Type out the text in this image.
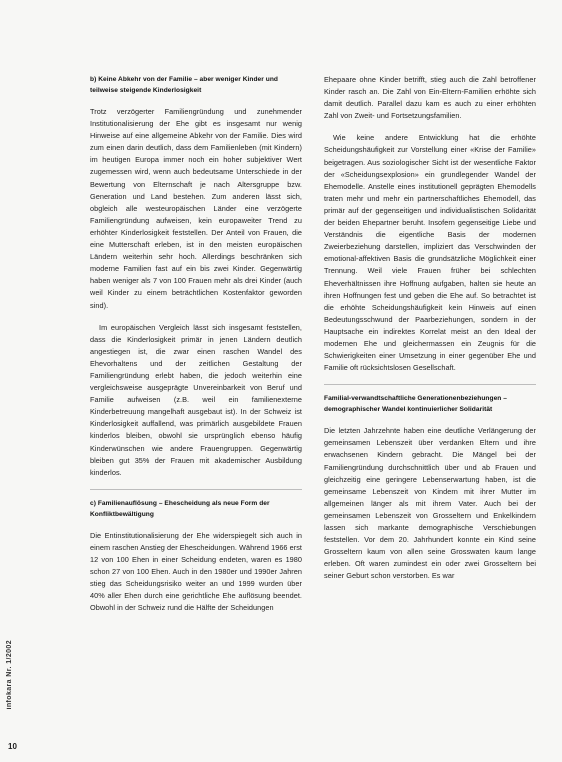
b) Keine Abkehr von der Familie – aber weniger Kinder und teilweise steigende Kinderlosigkeit

Trotz verzögerter Familiengründung und zunehmender Institutionalisierung der Ehe gibt es insgesamt nur wenig Hinweise auf eine allgemeine Abkehr von der Familie. Dies wird zum einen darin deutlich, dass dem Familienleben (mit Kindern) im heutigen Europa immer noch ein hoher subjektiver Wert zugemessen wird, wenn auch bedeutsame Unterschiede in der Bewertung von Elternschaft je nach Altersgruppe bzw. Generation und Land bestehen. Zum anderen lässt sich, obgleich alle westeuropäischen Länder eine verzögerte Familiengründung aufweisen, kein europaweiter Trend zu erhöhter Kinderlosigkeit feststellen. Der Anteil von Frauen, die eine Mutterschaft erleben, ist in den meisten europäischen Ländern weiterhin sehr hoch. Allerdings beschränken sich moderne Familien fast auf ein bis zwei Kinder. Gegenwärtig haben weniger als 7 von 100 Frauen mehr als drei Kinder (auch weil Kinder zu einem beträchtlichen Kostenfaktor geworden sind).

Im europäischen Vergleich lässt sich insgesamt feststellen, dass die Kinderlosigkeit primär in jenen Ländern deutlich angestiegen ist, die zwar einen raschen Wandel des Ehevorhaltens und der zeitlichen Gestaltung der Familiengründung erlebt haben, die jedoch weiterhin eine vergleichsweise ausgeprägte Unvereinbarkeit von Beruf und Familie aufweisen (z.B. weil ein familienexterne Kinderbetreuung mangelhaft ausgebaut ist). In der Schweiz ist Kinderlosigkeit auffallend, was primärlich ausgebildete Frauen kinderlos bleiben, obwohl sie ursprünglich ebenso häufig Kinderwünschen wie andere Frauengruppen. Gegenwärtig bleiben gut 35% der Frauen mit akademischer Ausbildung kinderlos.

c) Familienauflösung – Ehescheidung als neue Form der Konfliktbewältigung

Die Entinstitutionalisierung der Ehe widerspiegelt sich auch in einem raschen Anstieg der Ehescheidungen. Während 1966 erst 12 von 100 Ehen in einer Scheidung endeten, waren es 1980 schon 27 von 100 Ehen. Auch in den 1980er und 1990er Jahren stieg das Scheidungsrisiko weiter an und 1999 wurden über 40% aller Ehen durch eine gerichtliche Ehe auflösung beendet. Obwohl in der Schweiz rund die Hälfte der Scheidungen

Ehepaare ohne Kinder betrifft, stieg auch die Zahl betroffener Kinder rasch an. Die Zahl von Ein-Eltern-Familien erhöhte sich damit deutlich. Parallel dazu kam es auch zu einer erhöhten Zahl von Zweit- und Fortsetzungsfamilien.

Wie keine andere Entwicklung hat die erhöhte Scheidungshäufigkeit zur Vorstellung einer «Krise der Familie» beigetragen. Aus soziologischer Sicht ist der wesentliche Faktor der «Scheidungsexplosion» ein grundlegender Wandel der Ehemodelle. Anstelle eines institutionell geprägten Ehemodells traten mehr und mehr ein partnerschaftliches Ehemodell, das primär auf der gegenseitigen und individualistischen Solidarität der beiden Ehepartner beruht. Insofern gegenseitige Liebe und Verständnis die eigentliche Basis der modernen Zweierbeziehung darstellen, impliziert das Verschwinden der emotional-affektiven Basis die grundsätzliche Möglichkeit einer Trennung. Weil viele Frauen früher bei schlechten Eheverhältnissen ihre Hoffnung aufgaben, halten sie heute an ihren Hoffnungen fest und geben die Ehe auf. So betrachtet ist die erhöhte Scheidungshäufigkeit kein Hinweis auf einen Bedeutungsschwund der Paarbeziehungen, sondern in der Hauptsache ein indirektes Korrelat meist an den Ideal der modernen Ehe und gleichermassen ein Zeugnis für die Schwierigkeiten einer Umsetzung in einer gegenüber Ehe und Familie oft rücksichtslosen Gesellschaft.

Familial-verwandtschaftliche Generationenbeziehungen – demographischer Wandel kontinuierlicher Solidarität

Die letzten Jahrzehnte haben eine deutliche Verlängerung der gemeinsamen Lebenszeit über verdanken Eltern und ihre erwachsenen Kindern gebracht. Die Mängel bei der Familiengründung durchschnittlich über und ab Frauen und gleichzeitig eine geringere Lebenserwartung haben, ist die gemeinsame Lebenszeit von Kindern mit ihrer Mutter im allgemeinen länger als mit ihrem Vater. Auch bei der gemeinsamen Lebenszeit von Grosseltern und Enkelkindern lassen sich markante demographische Verschiebungen feststellen. Vor dem 20. Jahrhundert konnte ein Kind seine Grosseltern kaum von allen seine Grosswaten kaum lange erleben. Oft waren zumindest ein oder zwei Grosseltern bei seiner Geburt schon verstorben. Es war

infokara Nr. 1/2002
10
